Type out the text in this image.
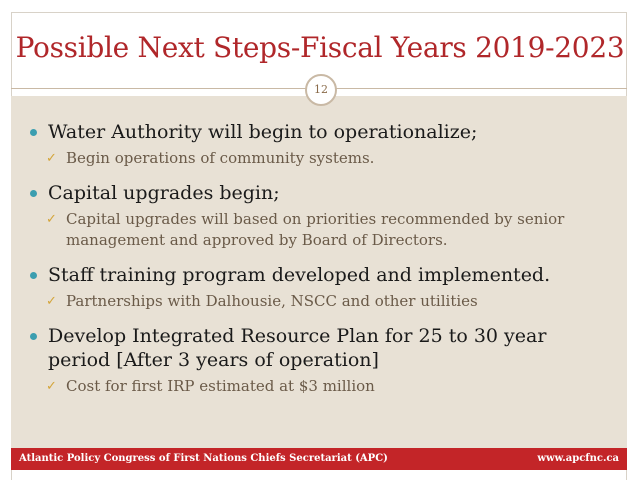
Possible Next Steps-Fiscal Years 2019-2023
12
Water Authority will begin to operationalize;
✓ Begin operations of community systems.
Capital upgrades begin;
✓ Capital upgrades will based on priorities recommended by senior management and approved by Board of Directors.
Staff training program developed and implemented.
✓ Partnerships with Dalhousie, NSCC and other utilities
Develop Integrated Resource Plan for 25 to 30 year period [After 3 years of operation]
✓ Cost for first IRP estimated at $3 million
Atlantic Policy Congress of First Nations Chiefs Secretariat (APC)	www.apcfnc.ca
